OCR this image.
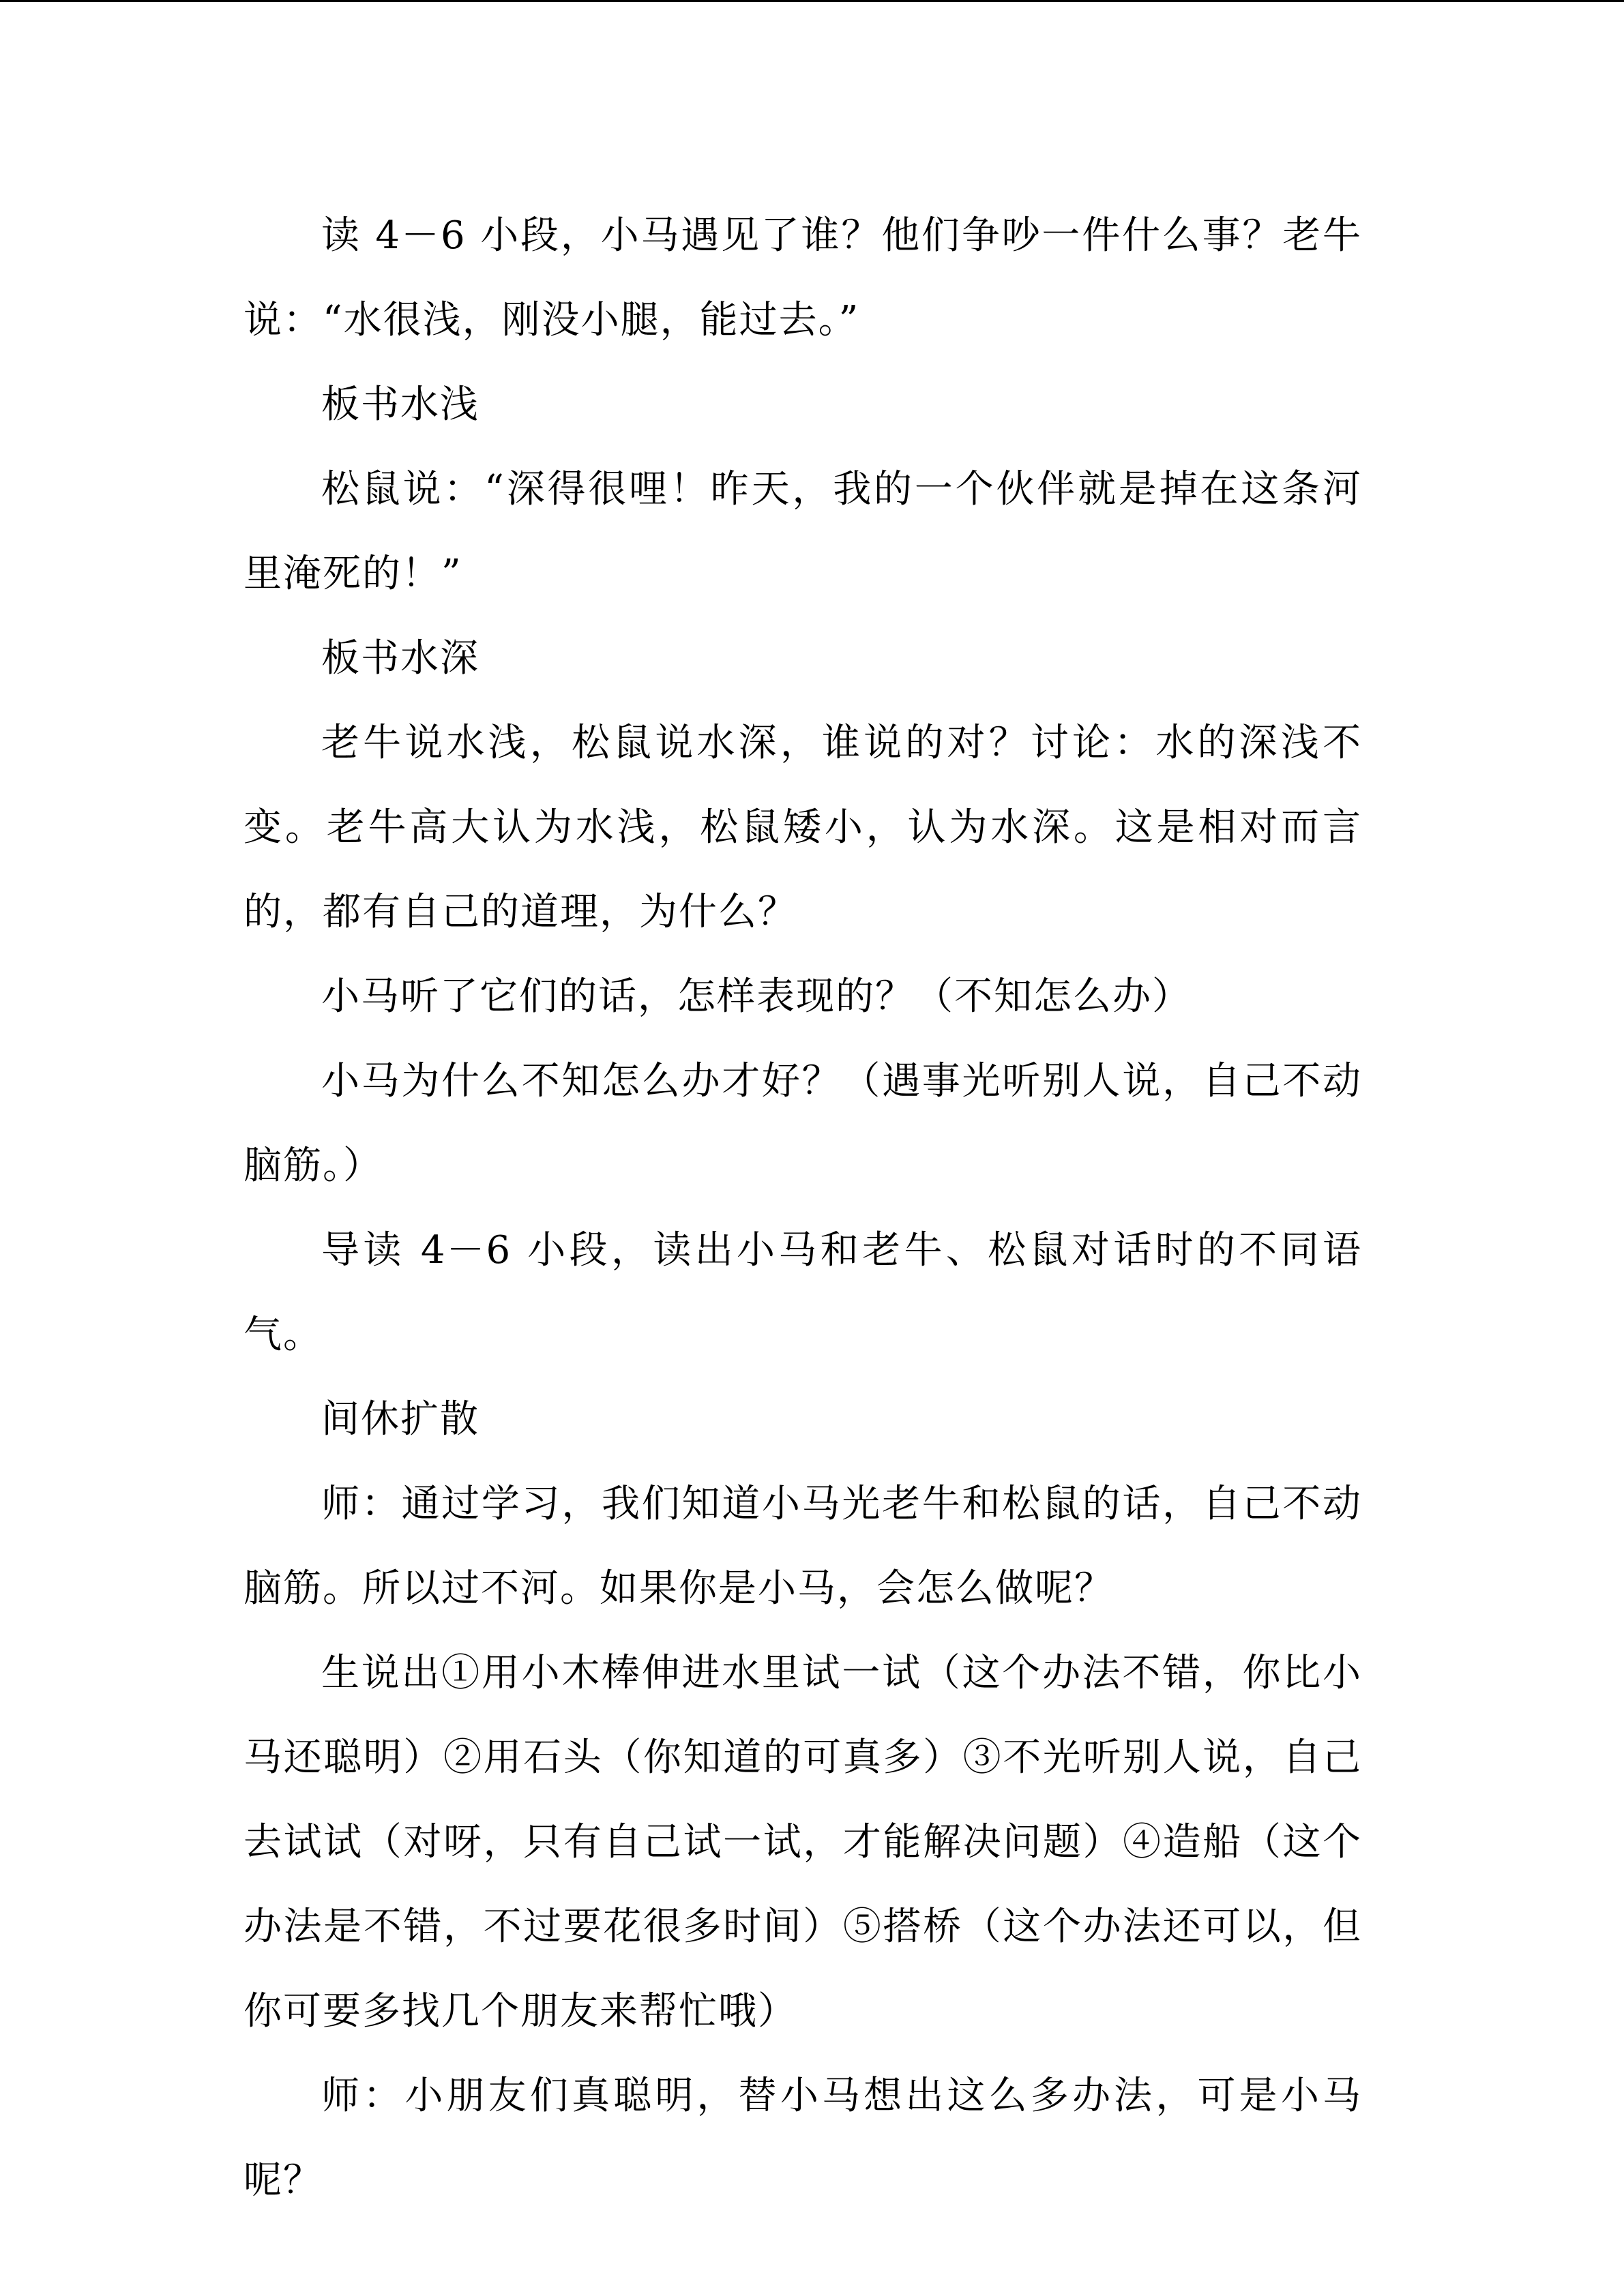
读 4－6 小段，小马遇见了谁？他们争吵一件什么事？老牛说：“水很浅，刚没小腿，能过去。”

板书水浅

松鼠说：“深得很哩！昨天，我的一个伙伴就是掉在这条河里淹死的！”

板书水深

老牛说水浅，松鼠说水深，谁说的对？讨论：水的深浅不变。老牛高大认为水浅，松鼠矮小，认为水深。这是相对而言的，都有自己的道理，为什么？

小马听了它们的话，怎样表现的？（不知怎么办）

小马为什么不知怎么办才好？（遇事光听别人说，自己不动脑筋。）

导读 4－6 小段，读出小马和老牛、松鼠对话时的不同语气。

间休扩散

师：通过学习，我们知道小马光老牛和松鼠的话，自己不动脑筋。所以过不河。如果你是小马，会怎么做呢？

生说出①用小木棒伸进水里试一试（这个办法不错，你比小马还聪明）②用石头（你知道的可真多）③不光听别人说，自己去试试（对呀，只有自己试一试，才能解决问题）④造船（这个办法是不错，不过要花很多时间）⑤搭桥（这个办法还可以，但你可要多找几个朋友来帮忙哦）

师：小朋友们真聪明，替小马想出这么多办法，可是小马呢？
